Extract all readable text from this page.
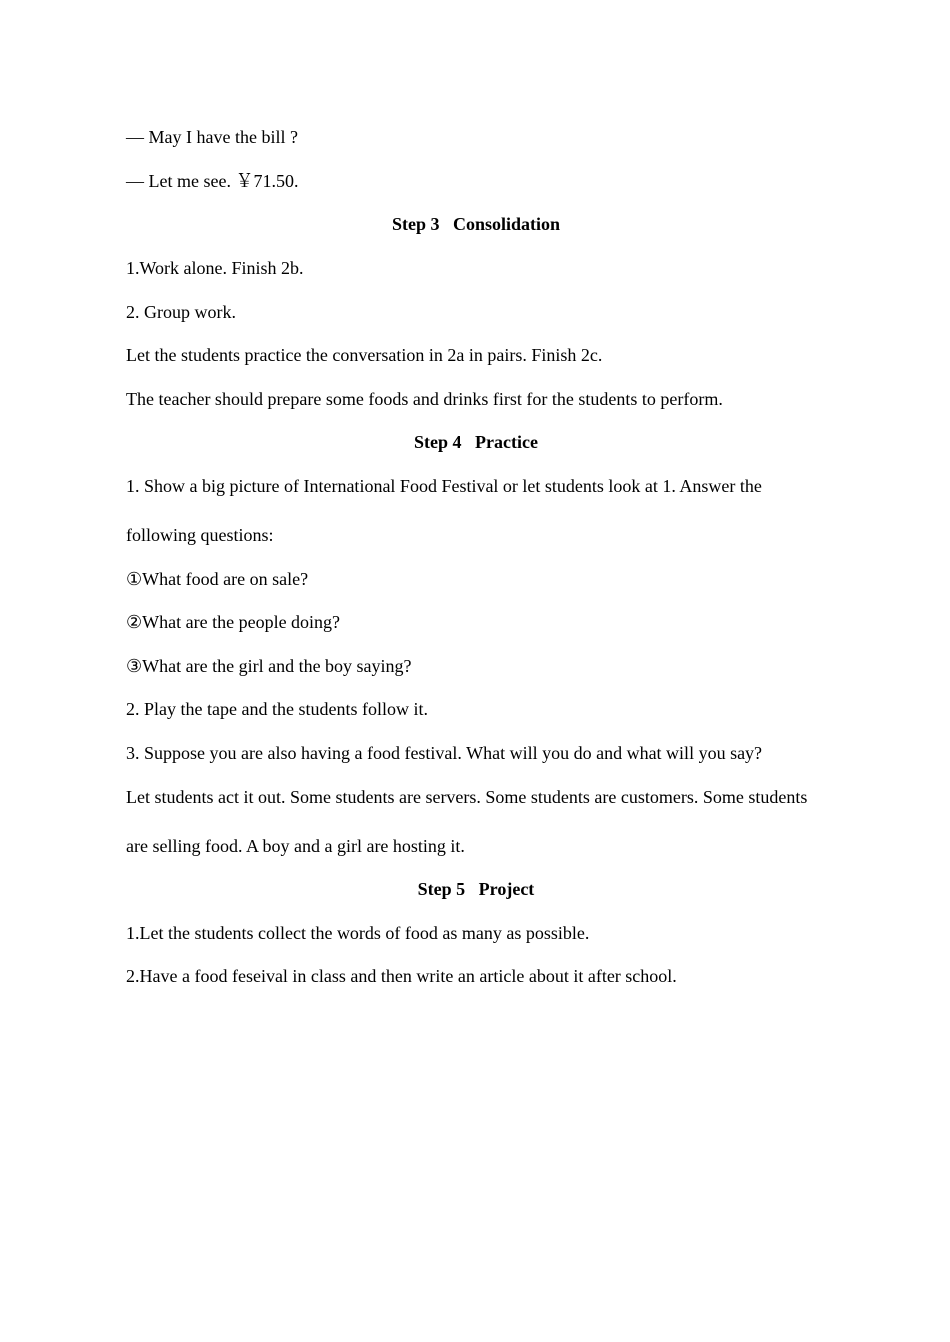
— May I have the bill ?
— Let me see. ￥71.50.
Step 3   Consolidation
1.Work alone. Finish 2b.
2. Group work.
Let the students practice the conversation in 2a in pairs. Finish 2c.
The teacher should prepare some foods and drinks first for the students to perform.
Step 4   Practice
1. Show a big picture of International Food Festival or let students look at 1. Answer the
following questions:
①What food are on sale?
②What are the people doing?
③What are the girl and the boy saying?
2. Play the tape and the students follow it.
3. Suppose you are also having a food festival. What will you do and what will you say?
Let students act it out. Some students are servers. Some students are customers. Some students
are selling food. A boy and a girl are hosting it.
Step 5   Project
1.Let the students collect the words of food as many as possible.
2.Have a food feseival in class and then write an article about it after school.
